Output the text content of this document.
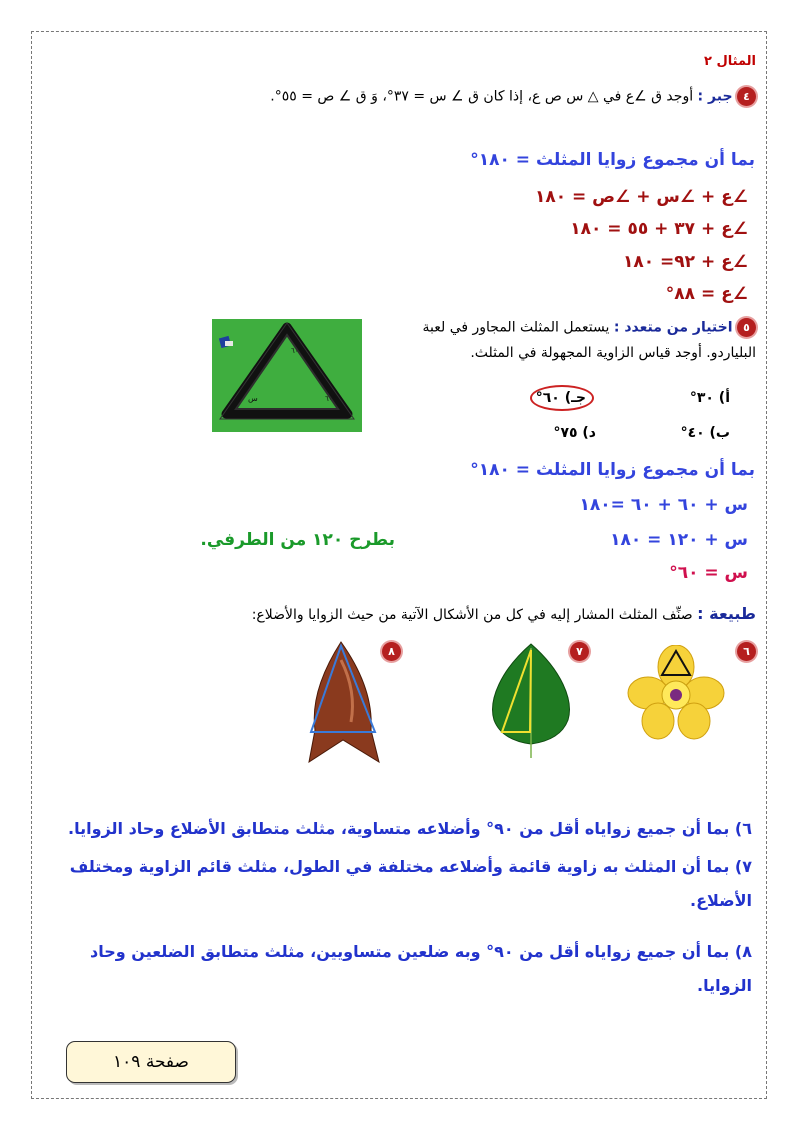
المثال ٢
٤ جبر : أوجد ق ∠ع في △ س ص ع، إذا كان ق ∠ س = ٣٧°، وَ ق ∠ ص = ٥٥°.
بما أن مجموع زوايا المثلث = ١٨٠°
∠ع + ∠س + ∠ص = ١٨٠
∠ع + ٣٧ + ٥٥ = ١٨٠
∠ع + ٩٢= ١٨٠
∠ع = ٨٨°
٥ اختيار من متعدد : يستعمل المثلث المجاور في لعبة
البلياردو. أوجد قياس الزاوية المجهولة في المثلث.
أ) ٣٠°
جـ) ٦٠°
ب) ٤٠°
د) ٧٥°
س
٦٠°
٦٠°
بما أن مجموع زوايا المثلث = ١٨٠°
س + ٦٠ + ٦٠ =١٨٠
س + ١٢٠ = ١٨٠
بطرح ١٢٠ من الطرفي.
س = ٦٠°
طبيعة : صنِّف المثلث المشار إليه في كل من الأشكال الآتية من حيث الزوايا والأضلاع:
٦
٧
٨
٦) بما أن جميع زواياه أقل من ٩٠° وأضلاعه متساوية، مثلث متطابق الأضلاع وحاد الزوايا.
٧) بما أن المثلث به زاوية قائمة وأضلاعه مختلفة في الطول، مثلث قائم الزاوية ومختلف الأضلاع.
٨) بما أن جميع زواياه أقل من ٩٠° وبه ضلعين متساويين، مثلث متطابق الضلعين وحاد الزوايا.
صفحة ١٠٩
